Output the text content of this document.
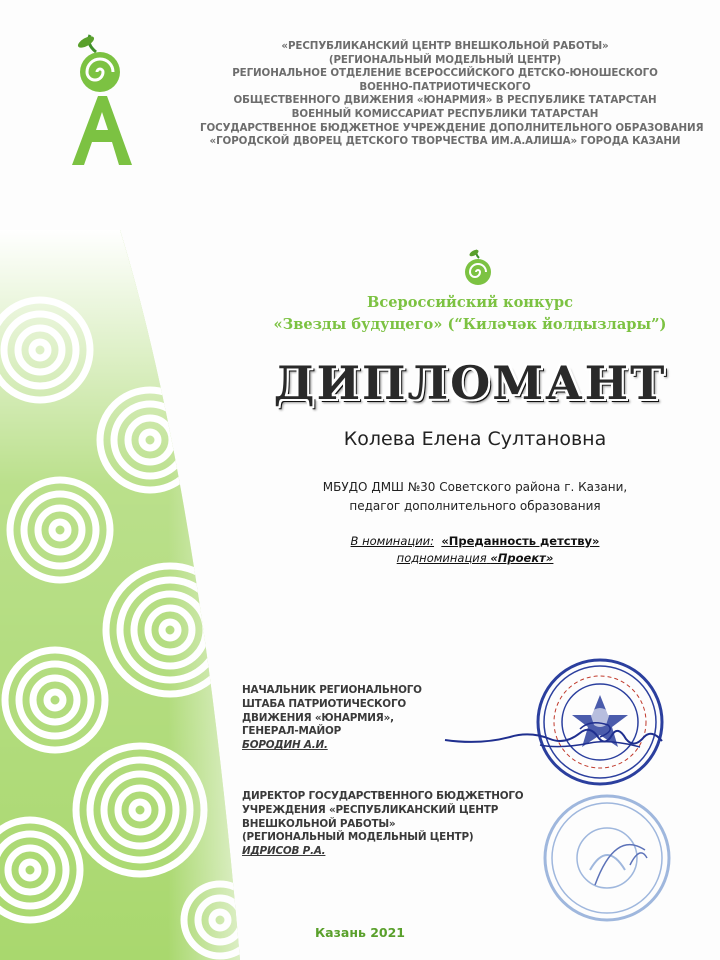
«РЕСПУБЛИКАНСКИЙ ЦЕНТР ВНЕШКОЛЬНОЙ РАБОТЫ»
(РЕГИОНАЛЬНЫЙ МОДЕЛЬНЫЙ ЦЕНТР)
РЕГИОНАЛЬНОЕ ОТДЕЛЕНИЕ ВСЕРОССИЙСКОГО ДЕТСКО-ЮНОШЕСКОГО
ВОЕННО-ПАТРИОТИЧЕСКОГО
ОБЩЕСТВЕННОГО ДВИЖЕНИЯ «ЮНАРМИЯ» В РЕСПУБЛИКЕ ТАТАРСТАН
ВОЕННЫЙ КОМИССАРИАТ РЕСПУБЛИКИ ТАТАРСТАН
ГОСУДАРСТВЕННОЕ БЮДЖЕТНОЕ УЧРЕЖДЕНИЕ ДОПОЛНИТЕЛЬНОГО ОБРАЗОВАНИЯ
«ГОРОДСКОЙ ДВОРЕЦ ДЕТСКОГО ТВОРЧЕСТВА ИМ.А.АЛИША» ГОРОДА КАЗАНИ
Всероссийский конкурс
«Звезды будущего» (“Киләчәк йолдызлары”)
ДИПЛОМАНТ
Колева Елена Султановна
МБУДО ДМШ №30 Советского района г. Казани,
педагог дополнительного образования
В номинации: «Преданность детству»
подноминация «Проект»
НАЧАЛЬНИК РЕГИОНАЛЬНОГО
ШТАБА ПАТРИОТИЧЕСКОГО
ДВИЖЕНИЯ «ЮНАРМИЯ»,
ГЕНЕРАЛ-МАЙОР
БОРОДИН А.И.
ДИРЕКТОР ГОСУДАРСТВЕННОГО БЮДЖЕТНОГО
УЧРЕЖДЕНИЯ «РЕСПУБЛИКАНСКИЙ ЦЕНТР
ВНЕШКОЛЬНОЙ РАБОТЫ»
(РЕГИОНАЛЬНЫЙ МОДЕЛЬНЫЙ ЦЕНТР)
ИДРИСОВ Р.А.
Казань 2021
